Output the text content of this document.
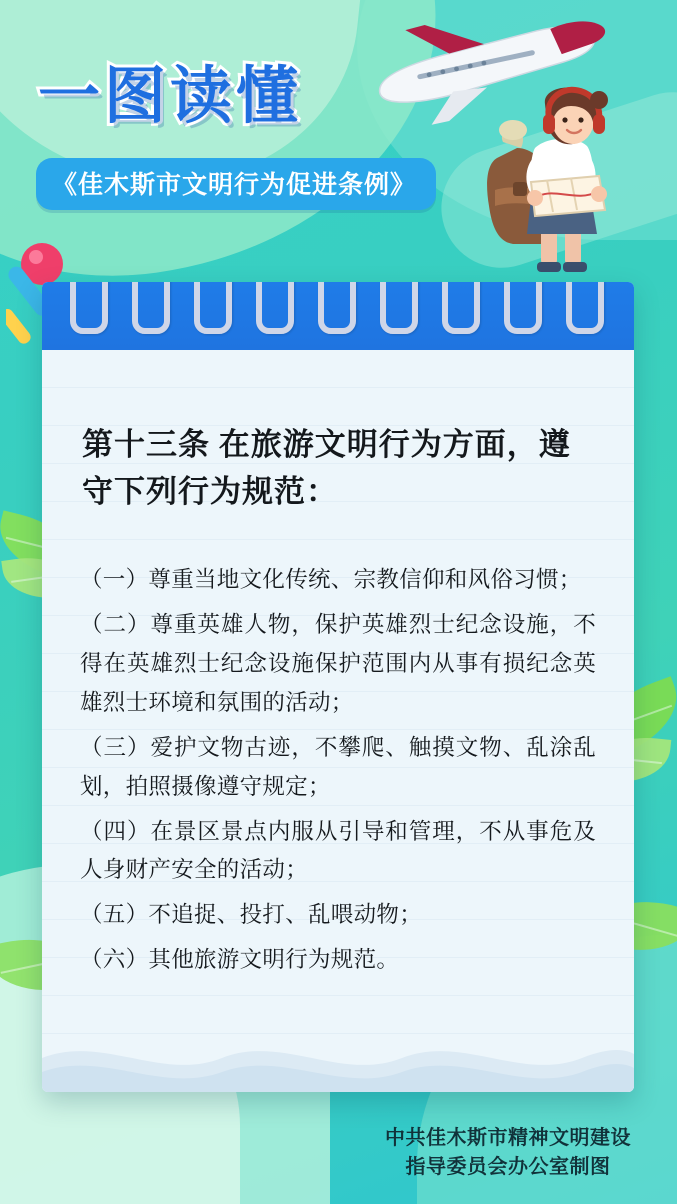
一图读懂
《佳木斯市文明行为促进条例》
第十三条 在旅游文明行为方面，遵守下列行为规范：

（一）尊重当地文化传统、宗教信仰和风俗习惯；

（二）尊重英雄人物，保护英雄烈士纪念设施，不得在英雄烈士纪念设施保护范围内从事有损纪念英雄烈士环境和氛围的活动；

（三）爱护文物古迹，不攀爬、触摸文物、乱涂乱划，拍照摄像遵守规定；

（四）在景区景点内服从引导和管理，不从事危及人身财产安全的活动；

（五）不追捉、投打、乱喂动物；

（六）其他旅游文明行为规范。

中共佳木斯市精神文明建设
指导委员会办公室制图
